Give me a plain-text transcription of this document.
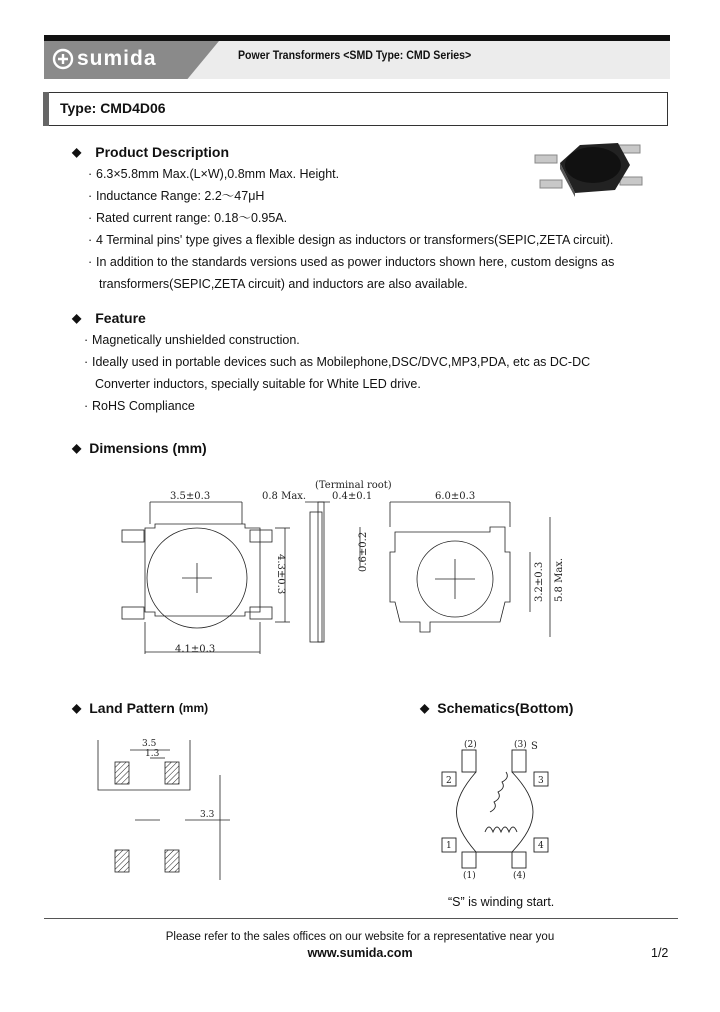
sumida	Power Transformers <SMD Type: CMD Series>
Type: CMD4D06
◆ Product Description
· 6.3×5.8mm Max.(L×W),0.8mm Max. Height.
· Inductance Range: 2.2～47μH
· Rated current range: 0.18～0.95A.
· 4 Terminal pins' type gives a flexible design as inductors or transformers(SEPIC,ZETA circuit).
· In addition to the standards versions used as power inductors shown here, custom designs as
transformers(SEPIC,ZETA circuit) and inductors are also available.
◆ Feature
· Magnetically unshielded construction.
· Ideally used in portable devices such as Mobilephone,DSC/DVC,MP3,PDA, etc as DC-DC
Converter inductors, specially suitable for White LED drive.
· RoHS Compliance
◆ Dimensions (mm)
(Terminal root)
3.5±0.3	0.8 Max.	0.4±0.1	6.0±0.3
4.1±0.3
4.3±0.3
0.6±0.2
3.2±0.3 5.8 Max.
◆ Land Pattern (mm)
3.5
1.3
3.3
◆ Schematics(Bottom)
(2)	(3) S
2	3
1	4
(1)	(4)
“S” is winding start.
Please refer to the sales offices on our website for a representative near you
www.sumida.com	1/2
